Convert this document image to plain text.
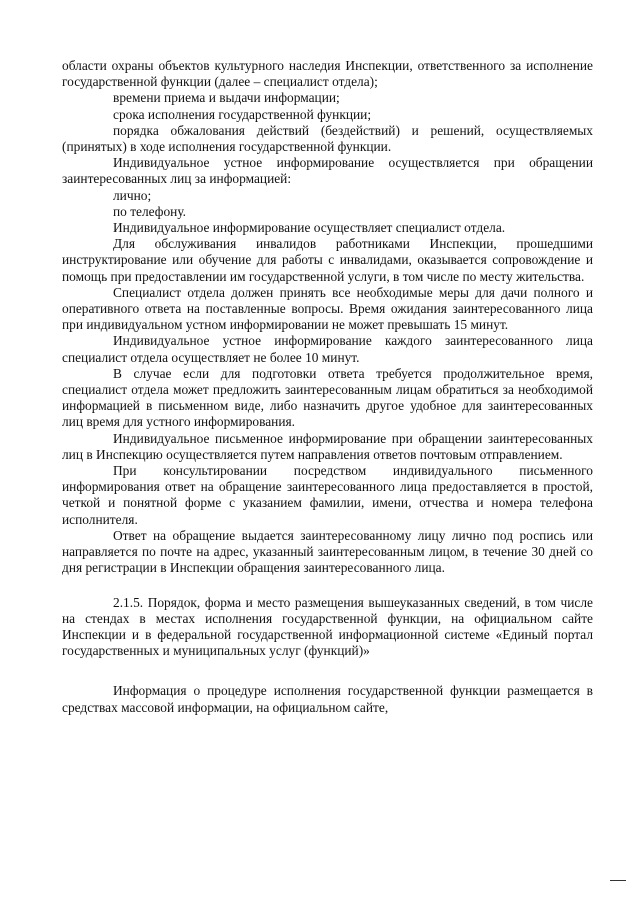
области охраны объектов культурного наследия Инспекции, ответственного за исполнение государственной функции (далее – специалист отдела);

времени приема и выдачи информации;

срока исполнения государственной функции;

порядка обжалования действий (бездействий) и решений, осуществляемых (принятых) в ходе исполнения государственной функции.

Индивидуальное устное информирование осуществляется при обращении заинтересованных лиц за информацией:

лично;

по телефону.

Индивидуальное информирование осуществляет специалист отдела.

Для обслуживания инвалидов работниками Инспекции, прошедшими инструктирование или обучение для работы с инвалидами, оказывается сопровождение и помощь при предоставлении им государственной услуги, в том числе по месту жительства.

Специалист отдела должен принять все необходимые меры для дачи полного и оперативного ответа на поставленные вопросы. Время ожидания заинтересованного лица при индивидуальном устном информировании не может превышать 15 минут.

Индивидуальное устное информирование каждого заинтересованного лица специалист отдела осуществляет не более 10 минут.

В случае если для подготовки ответа требуется продолжительное время, специалист отдела может предложить заинтересованным лицам обратиться за необходимой информацией в письменном виде, либо назначить другое удобное для заинтересованных лиц время для устного информирования.

Индивидуальное письменное информирование при обращении заинтересованных лиц в Инспекцию осуществляется путем направления ответов почтовым отправлением.

При консультировании посредством индивидуального письменного информирования ответ на обращение заинтересованного лица предоставляется в простой, четкой и понятной форме с указанием фамилии, имени, отчества и номера телефона исполнителя.

Ответ на обращение выдается заинтересованному лицу лично под роспись или направляется по почте на адрес, указанный заинтересованным лицом, в течение 30 дней со дня регистрации в Инспекции обращения заинтересованного лица.

2.1.5. Порядок, форма и место размещения вышеуказанных сведений, в том числе на стендах в местах исполнения государственной функции, на официальном сайте Инспекции и в федеральной государственной информационной системе «Единый портал государственных и муниципальных услуг (функций)»

Информация о процедуре исполнения государственной функции размещается в средствах массовой информации, на официальном сайте,
